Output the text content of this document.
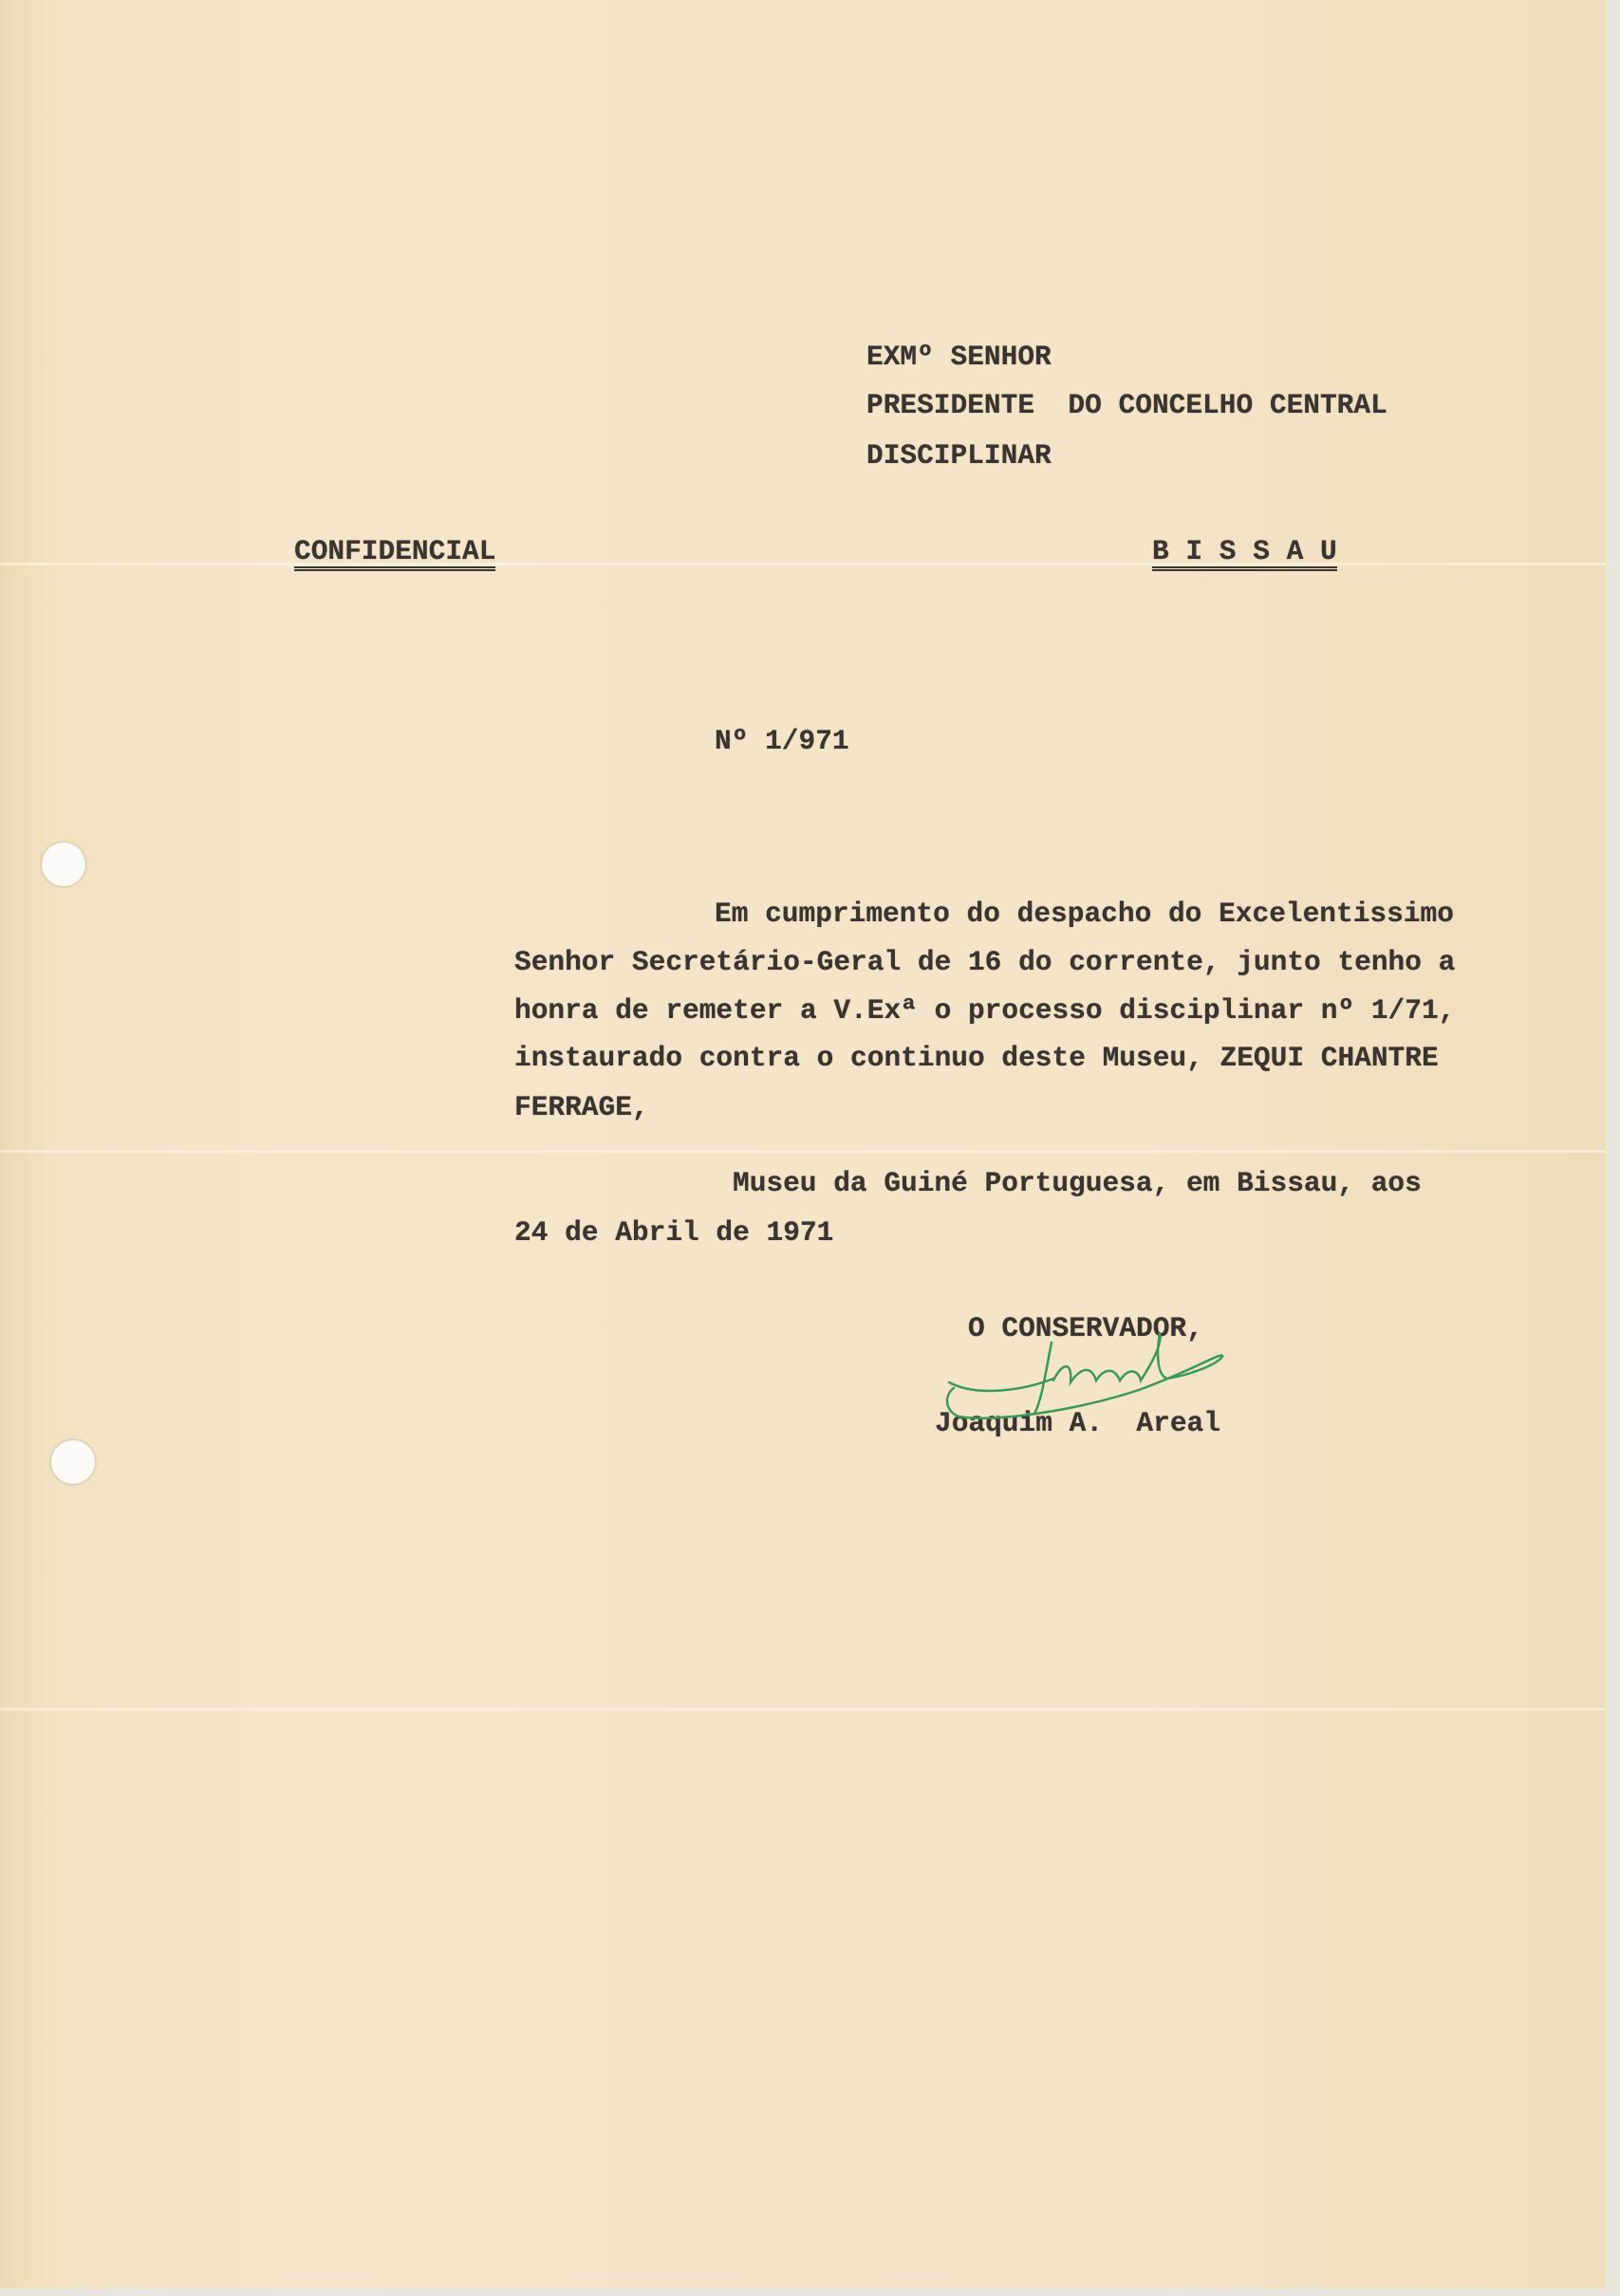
EXMº SENHOR
PRESIDENTE  DO CONCELHO CENTRAL
DISCIPLINAR
CONFIDENCIAL	B I S S A U
Nº 1/971
Em cumprimento do despacho do Excelentissimo
Senhor Secretário-Geral de 16 do corrente, junto tenho a
honra de remeter a V.Exª o processo disciplinar nº 1/71,
instaurado contra o continuo deste Museu, ZEQUI CHANTRE
FERRAGE,
Museu da Guiné Portuguesa, em Bissau, aos
24 de Abril de 1971
O CONSERVADOR,
Joaquim A.  Areal
